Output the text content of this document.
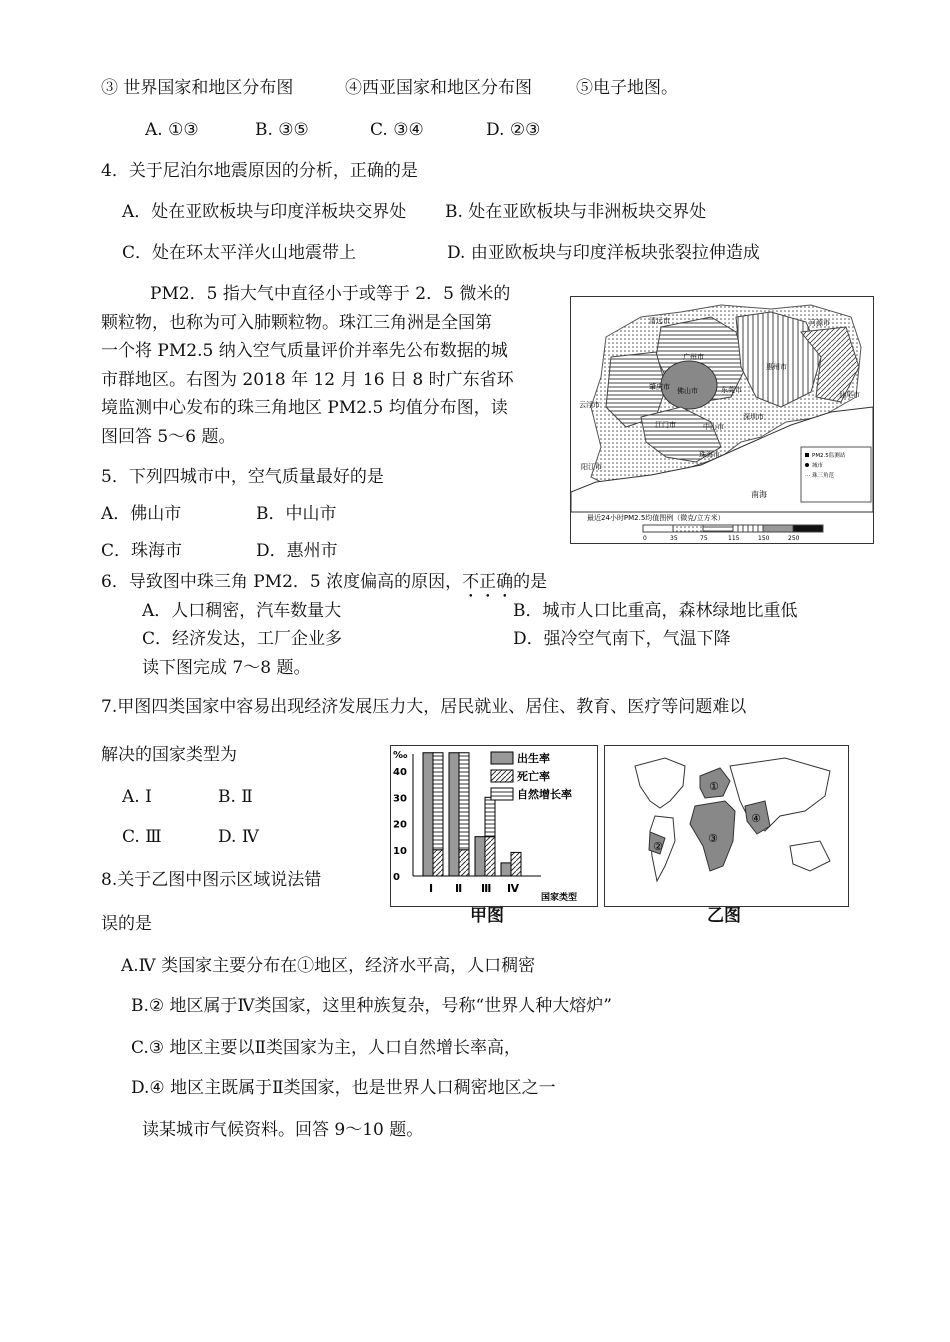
③ 世界国家和地区分布图	④西亚国家和地区分布图	⑤电子地图。
A. ①③	B. ③⑤	C. ③④	D. ②③
4．关于尼泊尔地震原因的分析，正确的是
A．处在亚欧板块与印度洋板块交界处 B. 处在亚欧板块与非洲板块交界处
C．处在环太平洋火山地震带上	D. 由亚欧板块与印度洋板块张裂拉伸造成
PM2．5 指大气中直径小于或等于 2．5 微米的
颗粒物，也称为可入肺颗粒物。珠江三角洲是全国第
一个将 PM2.5 纳入空气质量评价并率先公布数据的城
市群地区。右图为 2018 年 12 月 16 日 8 时广东省环
境监测中心发布的珠三角地区 PM2.5 均值分布图，读
图回答 5～6 题。
南海
清远市	河源市
广州市
惠州市
肇庆市 佛山市	东莞市
云浮市
汕尾市
深圳市
江门市	中山市
珠海市
阳江市
PM2.5监测站
城市
⋯ 珠三角范
最近24小时PM2.5均值图例（微克/立方米）
0	35	75	115	150	250
5．下列四城市中，空气质量最好的是
A．佛山市	B．中山市
C．珠海市	D．惠州市
6．导致图中珠三角 PM2．5 浓度偏高的原因，不正确的是
A．人口稠密，汽车数量大	B．城市人口比重高，森林绿地比重低
C．经济发达，工厂企业多	D．强冷空气南下，气温下降
读下图完成 7～8 题。
7.甲图四类国家中容易出现经济发展压力大，居民就业、居住、教育、医疗等问题难以
解决的国家类型为
A. Ⅰ	B. Ⅱ
C. Ⅲ	D. Ⅳ
‰
0
10
20
30
40
Ⅰ Ⅱ Ⅲ Ⅳ
国家类型
出生率
死亡率
自然增长率
甲图
①
②
③
④
乙图
8.关于乙图中图示区域说法错
误的是
A.Ⅳ 类国家主要分布在①地区，经济水平高，人口稠密
B.② 地区属于Ⅳ类国家，这里种族复杂，号称“世界人种大熔炉”
C.③ 地区主要以Ⅱ类国家为主，人口自然增长率高，
D.④ 地区主既属于Ⅱ类国家，也是世界人口稠密地区之一
读某城市气候资料。回答 9～10 题。
